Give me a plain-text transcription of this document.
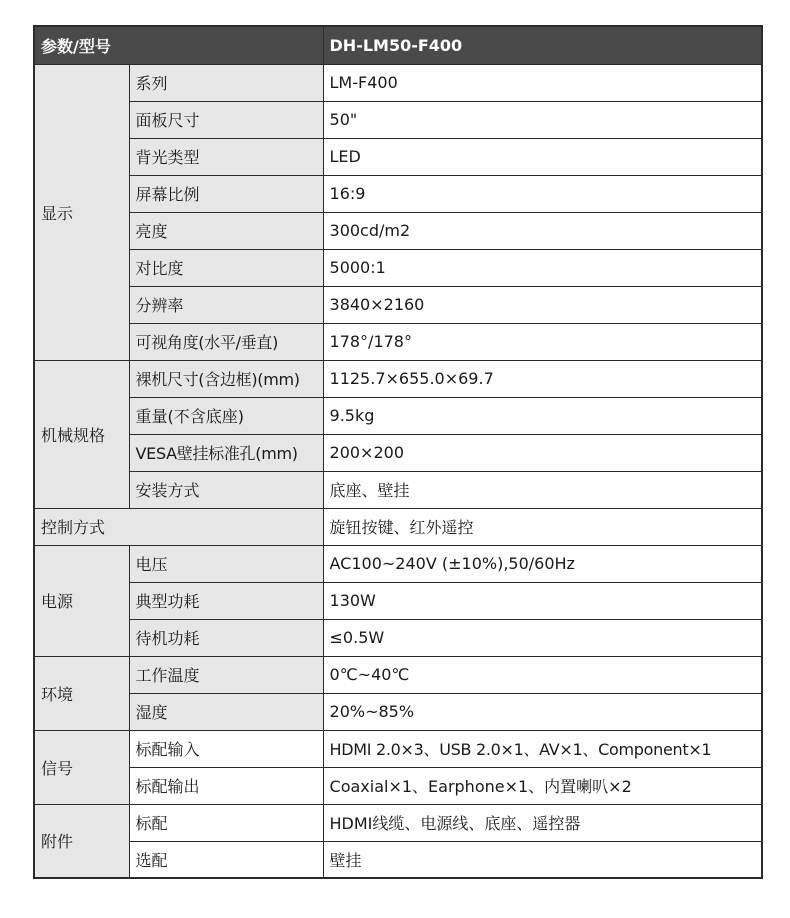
参数/型号		DH-LM50-F400
显示	系列	LM-F400
	面板尺寸	50"
	背光类型	LED
	屏幕比例	16:9
	亮度	300cd/m2
	对比度	5000:1
	分辨率	3840×2160
	可视角度(水平/垂直)	178°/178°
机械规格	裸机尺寸(含边框)(mm)	1125.7×655.0×69.7
	重量(不含底座)	9.5kg
	VESA壁挂标准孔(mm)	200×200
	安装方式	底座、壁挂
控制方式		旋钮按键、红外遥控
电源	电压	AC100~240V (±10%),50/60Hz
	典型功耗	130W
	待机功耗	≤0.5W
环境	工作温度	0℃~40℃
	湿度	20%~85%
信号	标配输入	HDMI 2.0×3、USB 2.0×1、AV×1、Component×1
	标配输出	Coaxial×1、Earphone×1、内置喇叭×2
附件	标配	HDMI线缆、电源线、底座、遥控器
	选配	壁挂
